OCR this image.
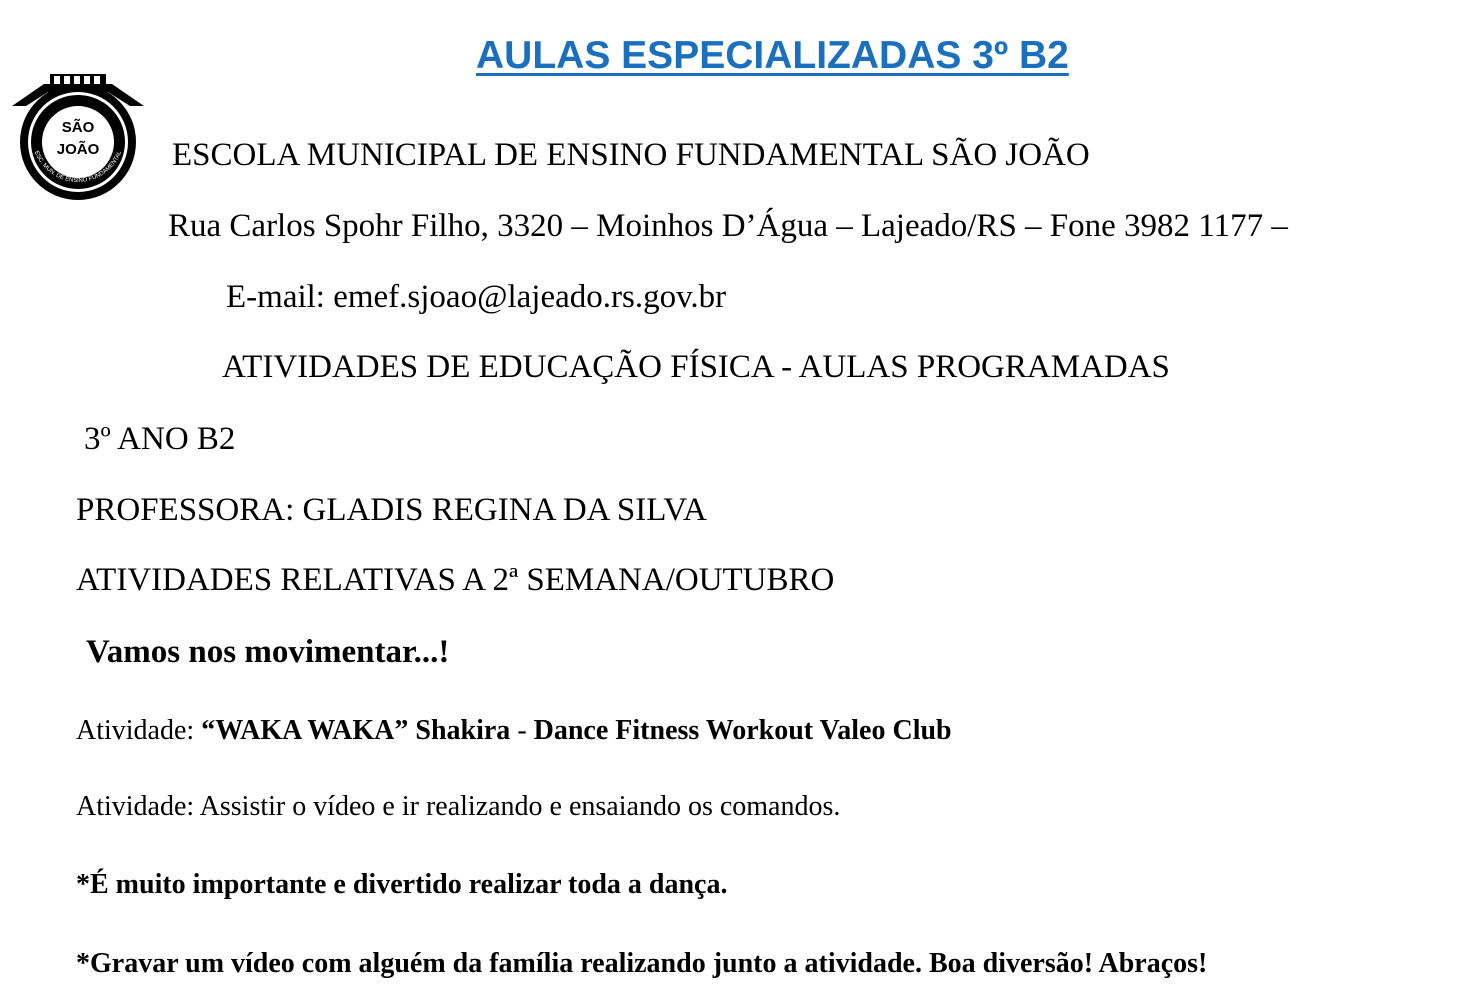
AULAS ESPECIALIZADAS 3º B2
SÃO
JOÃO
ESC. MUN. DE ENSINO FUNDAMENTAL ESCOLA MUNICIPAL DE ENSINO FUNDAMENTAL SÃO JOÃO
Rua Carlos Spohr Filho, 3320 – Moinhos D’Água – Lajeado/RS – Fone 3982 1177 –
E-mail: emef.sjoao@lajeado.rs.gov.br
ATIVIDADES DE EDUCAÇÃO FÍSICA - AULAS PROGRAMADAS
3º ANO B2
PROFESSORA: GLADIS REGINA DA SILVA
ATIVIDADES RELATIVAS A 2ª SEMANA/OUTUBRO
Vamos nos movimentar...!
Atividade: “WAKA WAKA” Shakira - Dance Fitness Workout Valeo Club
Atividade: Assistir o vídeo e ir realizando e ensaiando os comandos.
*É muito importante e divertido realizar toda a dança.
*Gravar um vídeo com alguém da família realizando junto a atividade. Boa diversão! Abraços!
